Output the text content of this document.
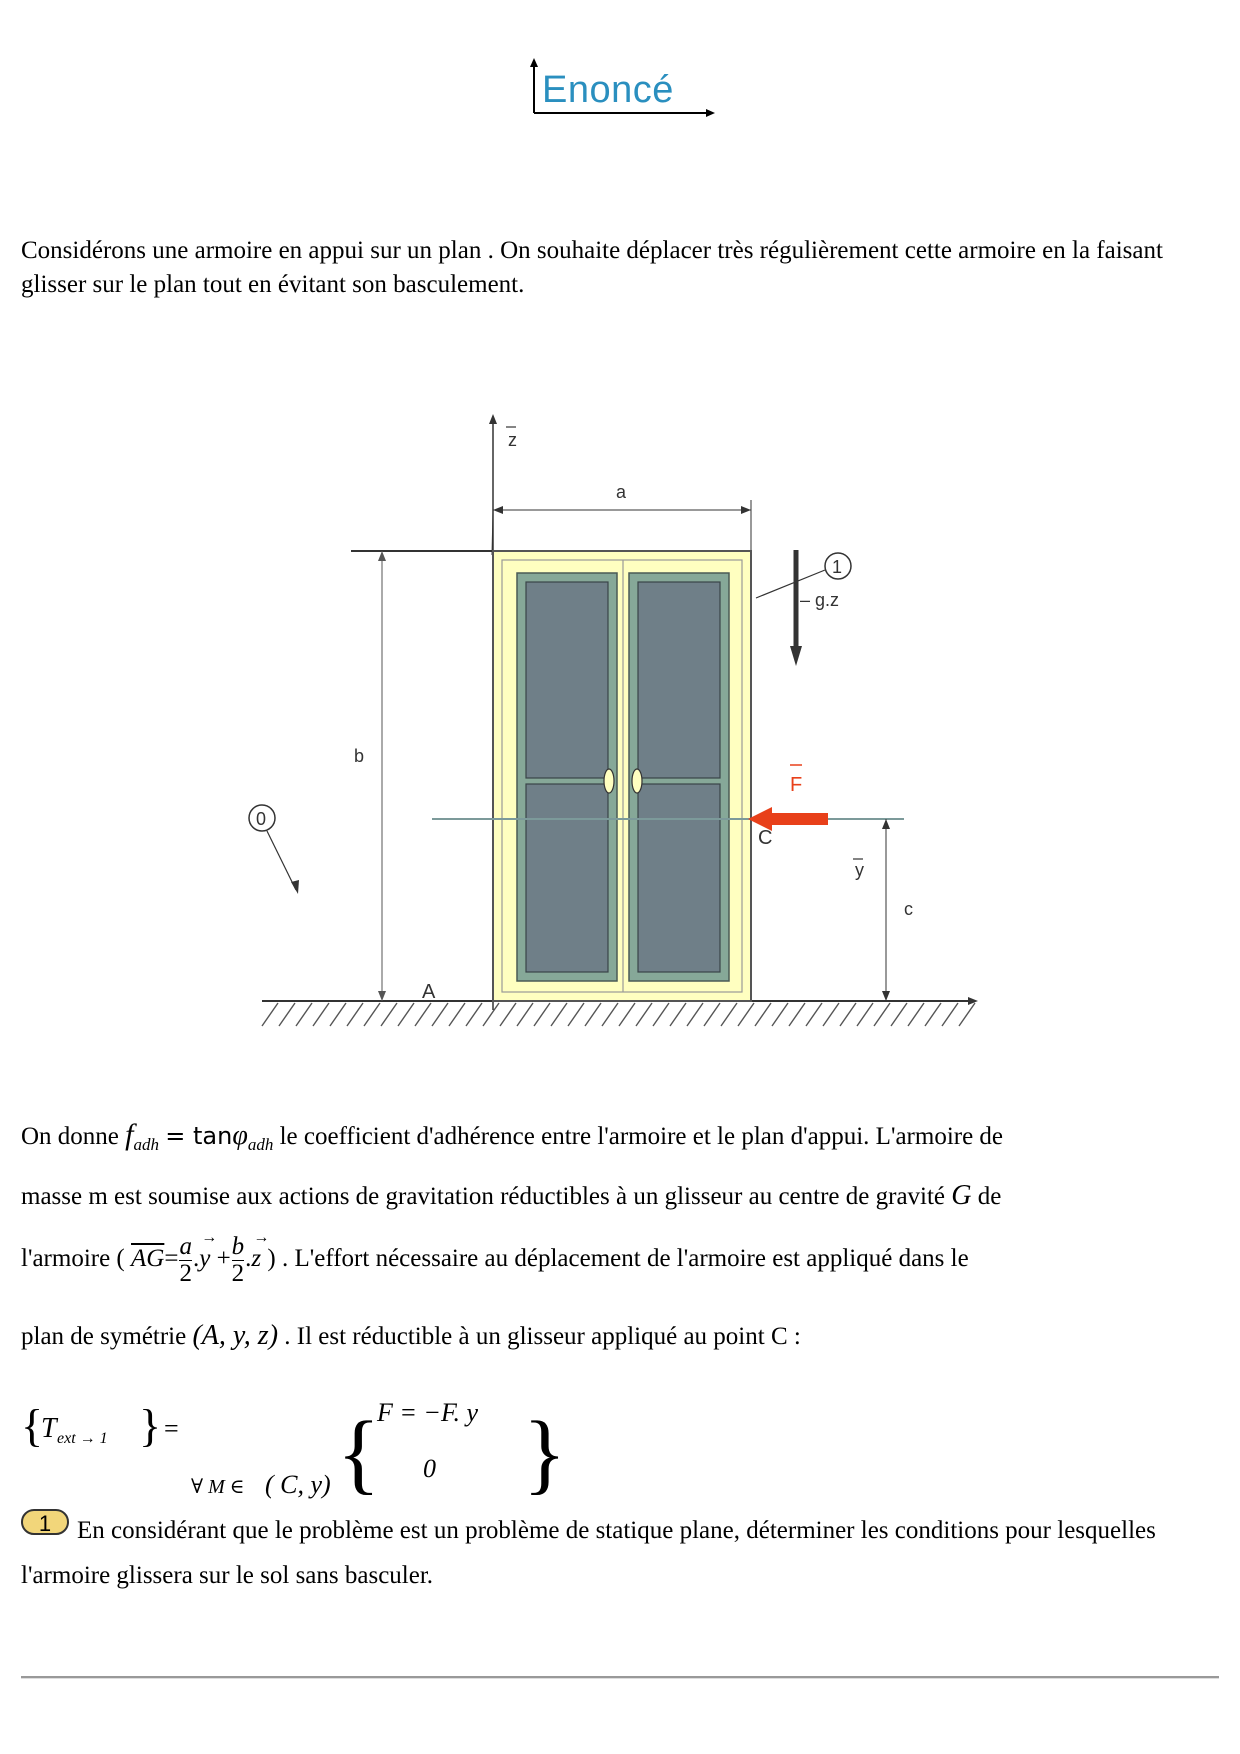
Enoncé
Considérons une armoire en appui sur un plan . On souhaite déplacer très régulièrement cette armoire en la faisant glisser sur le plan tout en évitant son basculement.
z
a
b
c
F
C
1
– g.z
0
y
A
On donne $f_{adh} = \tan\varphi_{adh}$ le coefficient d'adhérence entre l'armoire et le plan d'appui. L'armoire de
masse m est soumise aux actions de gravitation réductibles à un glisseur au centre de gravité G de
l'armoire ( $\overline{AG}= \frac{a}{2}$ .→ $y + \frac{b}{2}$ .→ z ) . L'effort nécessaire au déplacement de l'armoire est appliqué dans le
plan de symétrie (A, y, z) . Il est réductible à un glisseur appliqué au point C :
{
T ext → 1 } =
∀ M ∈ ( C, y) {
F = −F. y
0 }
1	En considérant que le problème est un problème de statique plane, déterminer les conditions pour lesquelles l'armoire glissera sur le sol sans basculer.
